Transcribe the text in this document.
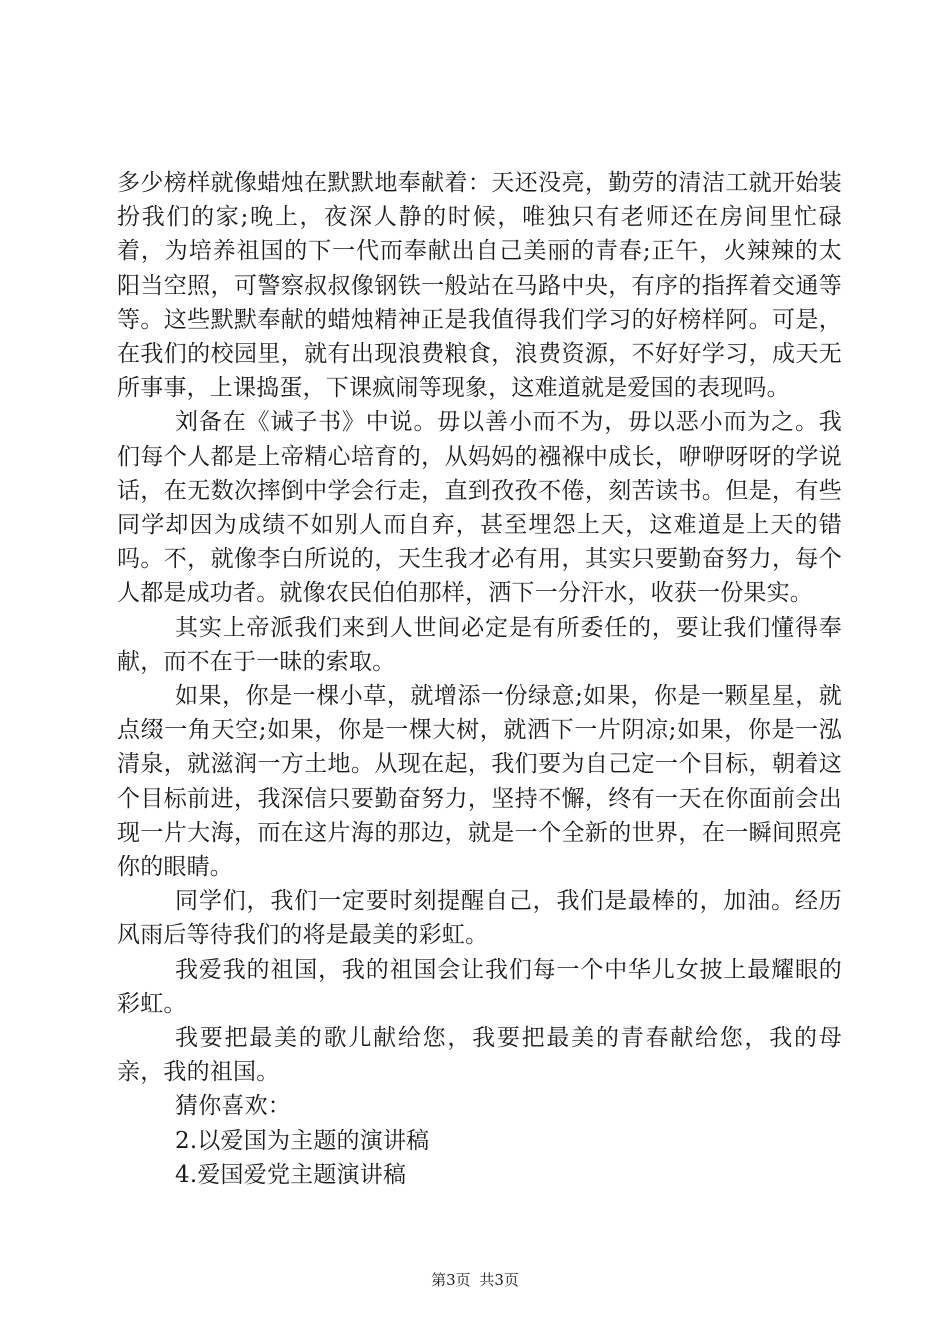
多少榜样就像蜡烛在默默地奉献着：天还没亮，勤劳的清洁工就开始装扮我们的家;晚上，夜深人静的时候，唯独只有老师还在房间里忙碌着，为培养祖国的下一代而奉献出自己美丽的青春;正午，火辣辣的太阳当空照，可警察叔叔像钢铁一般站在马路中央，有序的指挥着交通等等。这些默默奉献的蜡烛精神正是我值得我们学习的好榜样阿。可是，在我们的校园里，就有出现浪费粮食，浪费资源，不好好学习，成天无所事事，上课捣蛋，下课疯闹等现象，这难道就是爱国的表现吗。

刘备在《诫子书》中说。毋以善小而不为，毋以恶小而为之。我们每个人都是上帝精心培育的，从妈妈的襁褓中成长，咿咿呀呀的学说话，在无数次摔倒中学会行走，直到孜孜不倦，刻苦读书。但是，有些同学却因为成绩不如别人而自弃，甚至埋怨上天，这难道是上天的错吗。不，就像李白所说的，天生我才必有用，其实只要勤奋努力，每个人都是成功者。就像农民伯伯那样，洒下一分汗水，收获一份果实。

其实上帝派我们来到人世间必定是有所委任的，要让我们懂得奉献，而不在于一昧的索取。

如果，你是一棵小草，就增添一份绿意;如果，你是一颗星星，就点缀一角天空;如果，你是一棵大树，就洒下一片阴凉;如果，你是一泓清泉，就滋润一方土地。从现在起，我们要为自己定一个目标，朝着这个目标前进，我深信只要勤奋努力，坚持不懈，终有一天在你面前会出现一片大海，而在这片海的那边，就是一个全新的世界，在一瞬间照亮你的眼睛。

同学们，我们一定要时刻提醒自己，我们是最棒的，加油。经历风雨后等待我们的将是最美的彩虹。

我爱我的祖国，我的祖国会让我们每一个中华儿女披上最耀眼的彩虹。

我要把最美的歌儿献给您，我要把最美的青春献给您，我的母亲，我的祖国。

猜你喜欢：

2.以爱国为主题的演讲稿

4.爱国爱党主题演讲稿

第3页 共3页
